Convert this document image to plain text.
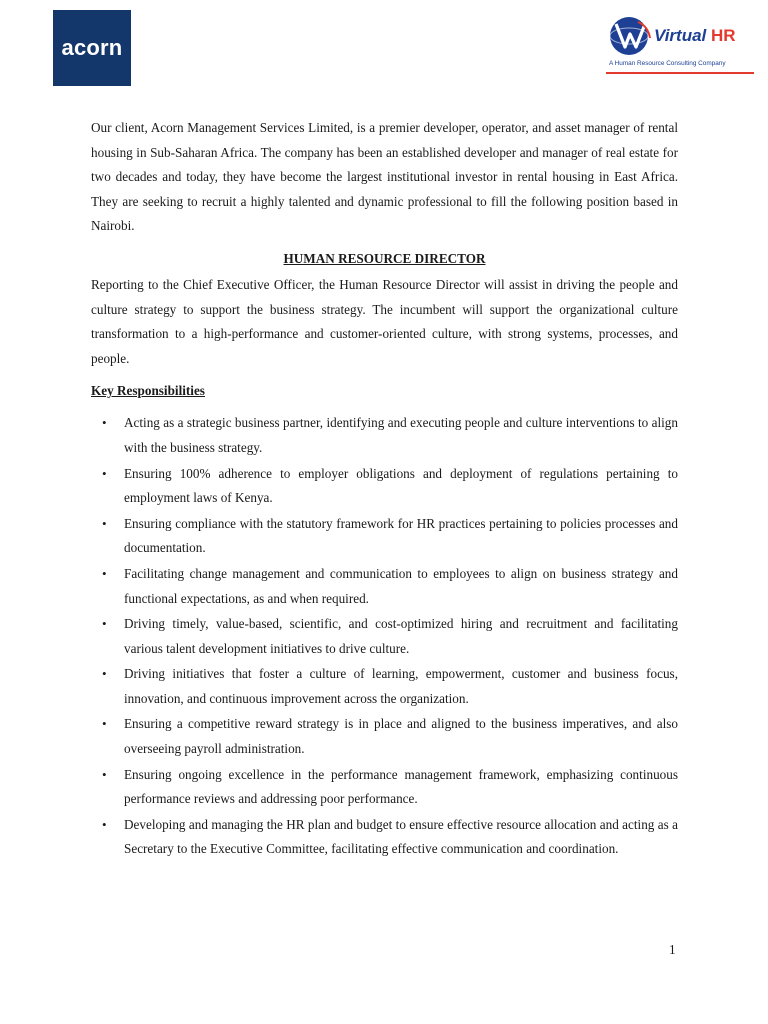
acorn	Virtual HR
A Human Resource Consulting Company

Our client, Acorn Management Services Limited, is a premier developer, operator, and asset manager of rental housing in Sub-Saharan Africa. The company has been an established developer and manager of real estate for two decades and today, they have become the largest institutional investor in rental housing in East Africa. They are seeking to recruit a highly talented and dynamic professional to fill the following position based in Nairobi.

HUMAN RESOURCE DIRECTOR

Reporting to the Chief Executive Officer, the Human Resource Director will assist in driving the people and culture strategy to support the business strategy. The incumbent will support the organizational culture transformation to a high-performance and customer-oriented culture, with strong systems, processes, and people.

Key Responsibilities
• Acting as a strategic business partner, identifying and executing people and culture interventions to align with the business strategy.
• Ensuring 100% adherence to employer obligations and deployment of regulations pertaining to employment laws of Kenya.
• Ensuring compliance with the statutory framework for HR practices pertaining to policies processes and documentation.
• Facilitating change management and communication to employees to align on business strategy and functional expectations, as and when required.
• Driving timely, value-based, scientific, and cost-optimized hiring and recruitment and facilitating various talent development initiatives to drive culture.
• Driving initiatives that foster a culture of learning, empowerment, customer and business focus, innovation, and continuous improvement across the organization.
• Ensuring a competitive reward strategy is in place and aligned to the business imperatives, and also overseeing payroll administration.
• Ensuring ongoing excellence in the performance management framework, emphasizing continuous performance reviews and addressing poor performance.
• Developing and managing the HR plan and budget to ensure effective resource allocation and acting as a Secretary to the Executive Committee, facilitating effective communication and coordination.
1
